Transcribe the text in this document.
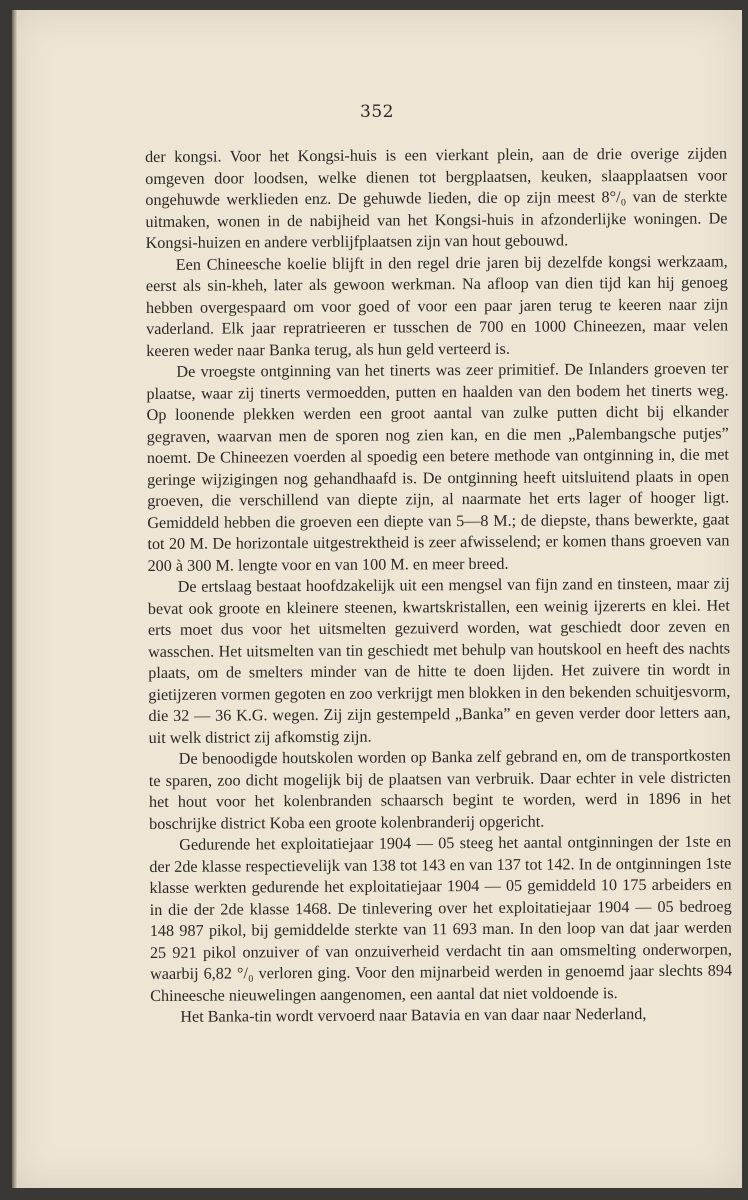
352

der kongsi. Voor het Kongsi-huis is een vierkant plein, aan de drie overige zijden omgeven door loodsen, welke dienen tot bergplaatsen, keuken, slaapplaatsen voor ongehuwde werklieden enz. De gehuwde lieden, die op zijn meest 8°/₀ van de sterkte uitmaken, wonen in de nabijheid van het Kongsi-huis in afzonderlijke woningen. De Kongsi-huizen en andere verblijfplaatsen zijn van hout gebouwd.

Een Chineesche koelie blijft in den regel drie jaren bij dezelfde kongsi werkzaam, eerst als sin-kheh, later als gewoon werkman. Na afloop van dien tijd kan hij genoeg hebben overgespaard om voor goed of voor een paar jaren terug te keeren naar zijn vaderland. Elk jaar repratrieeren er tusschen de 700 en 1000 Chineezen, maar velen keeren weder naar Banka terug, als hun geld verteerd is.

De vroegste ontginning van het tinerts was zeer primitief. De Inlanders groeven ter plaatse, waar zij tinerts vermoedden, putten en haalden van den bodem het tinerts weg. Op loonende plekken werden een groot aantal van zulke putten dicht bij elkander gegraven, waarvan men de sporen nog zien kan, en die men „Palembangsche putjes” noemt. De Chineezen voerden al spoedig een betere methode van ontginning in, die met geringe wijzigingen nog gehandhaafd is. De ontginning heeft uitsluitend plaats in open groeven, die verschillend van diepte zijn, al naarmate het erts lager of hooger ligt. Gemiddeld hebben die groeven een diepte van 5—8 M.; de diepste, thans bewerkte, gaat tot 20 M. De horizontale uitgestrektheid is zeer afwisselend; er komen thans groeven van 200 à 300 M. lengte voor en van 100 M. en meer breed.

De ertslaag bestaat hoofdzakelijk uit een mengsel van fijn zand en tinsteen, maar zij bevat ook groote en kleinere steenen, kwartskristallen, een weinig ijzererts en klei. Het erts moet dus voor het uitsmelten gezuiverd worden, wat geschiedt door zeven en wasschen. Het uitsmelten van tin geschiedt met behulp van houtskool en heeft des nachts plaats, om de smelters minder van de hitte te doen lijden. Het zuivere tin wordt in gietijzeren vormen gegoten en zoo verkrijgt men blokken in den bekenden schuitjesvorm, die 32 — 36 K.G. wegen. Zij zijn gestempeld „Banka” en geven verder door letters aan, uit welk district zij afkomstig zijn.

De benoodigde houtskolen worden op Banka zelf gebrand en, om de transportkosten te sparen, zoo dicht mogelijk bij de plaatsen van verbruik. Daar echter in vele districten het hout voor het kolenbranden schaarsch begint te worden, werd in 1896 in het boschrijke district Koba een groote kolenbranderij opgericht.

Gedurende het exploitatiejaar 1904 — 05 steeg het aantal ontginningen der 1ste en der 2de klasse respectievelijk van 138 tot 143 en van 137 tot 142. In de ontginningen 1ste klasse werkten gedurende het exploitatiejaar 1904 — 05 gemiddeld 10 175 arbeiders en in die der 2de klasse 1468. De tinlevering over het exploitatiejaar 1904 — 05 bedroeg 148 987 pikol, bij gemiddelde sterkte van 11 693 man. In den loop van dat jaar werden 25 921 pikol onzuiver of van onzuiverheid verdacht tin aan omsmelting onderworpen, waarbij 6,82 °/₀ verloren ging. Voor den mijnarbeid werden in genoemd jaar slechts 894 Chineesche nieuwelingen aangenomen, een aantal dat niet voldoende is.

Het Banka-tin wordt vervoerd naar Batavia en van daar naar Nederland,
